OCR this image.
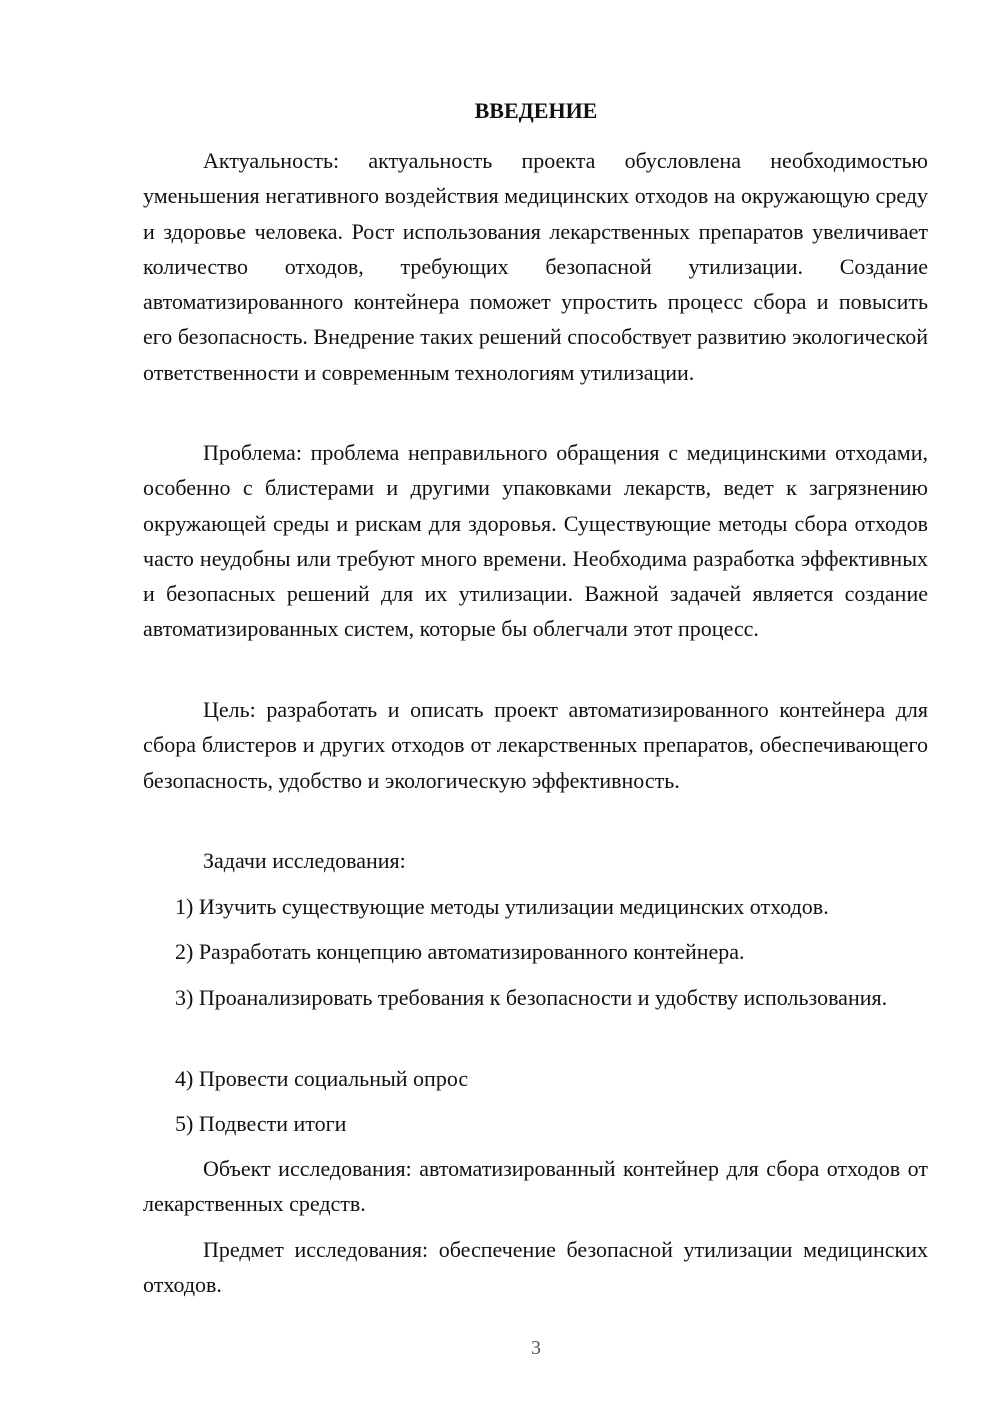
ВВЕДЕНИЕ
Актуальность: актуальность проекта обусловлена необходимостью уменьшения негативного воздействия медицинских отходов на окружающую среду и здоровье человека. Рост использования лекарственных препаратов увеличивает количество отходов, требующих безопасной утилизации. Создание автоматизированного контейнера поможет упростить процесс сбора и повысить его безопасность. Внедрение таких решений способствует развитию экологической ответственности и современным технологиям утилизации.
Проблема: проблема неправильного обращения с медицинскими отходами, особенно с блистерами и другими упаковками лекарств, ведет к загрязнению окружающей среды и рискам для здоровья. Существующие методы сбора отходов часто неудобны или требуют много времени. Необходима разработка эффективных и безопасных решений для их утилизации. Важной задачей является создание автоматизированных систем, которые бы облегчали этот процесс.
Цель: разработать и описать проект автоматизированного контейнера для сбора блистеров и других отходов от лекарственных препаратов, обеспечивающего безопасность, удобство и экологическую эффективность.
Задачи исследования:
1) Изучить существующие методы утилизации медицинских отходов.
2) Разработать концепцию автоматизированного контейнера.
3) Проанализировать требования к безопасности и удобству использования.
4) Провести социальный опрос
5) Подвести итоги
Объект исследования: автоматизированный контейнер для сбора отходов от лекарственных средств.
Предмет исследования: обеспечение безопасной утилизации медицинских отходов.
3
